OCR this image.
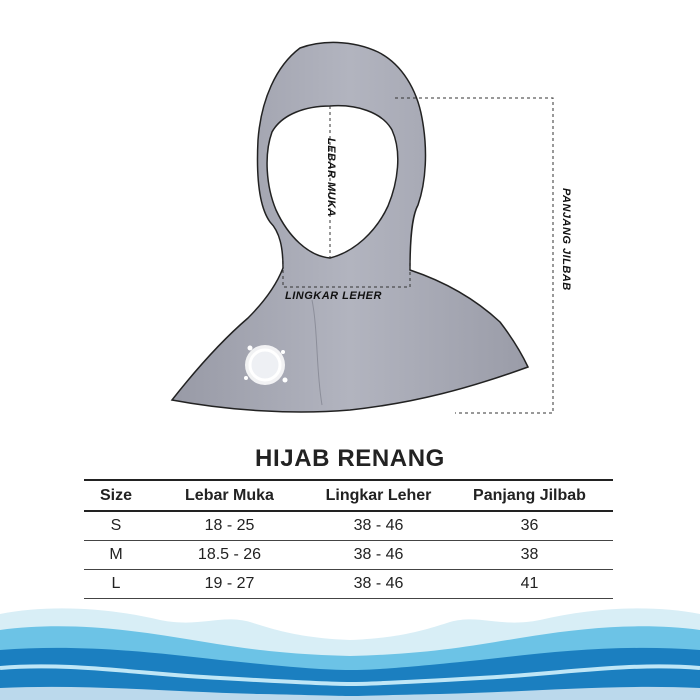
LEBAR MUKA
LINGKAR LEHER
PANJANG JILBAB
HIJAB RENANG
Size	Lebar Muka	Lingkar Leher	Panjang Jilbab
S	18 - 25	38 - 46	36
M	18.5 - 26	38 - 46	38
L	19 - 27	38 - 46	41
